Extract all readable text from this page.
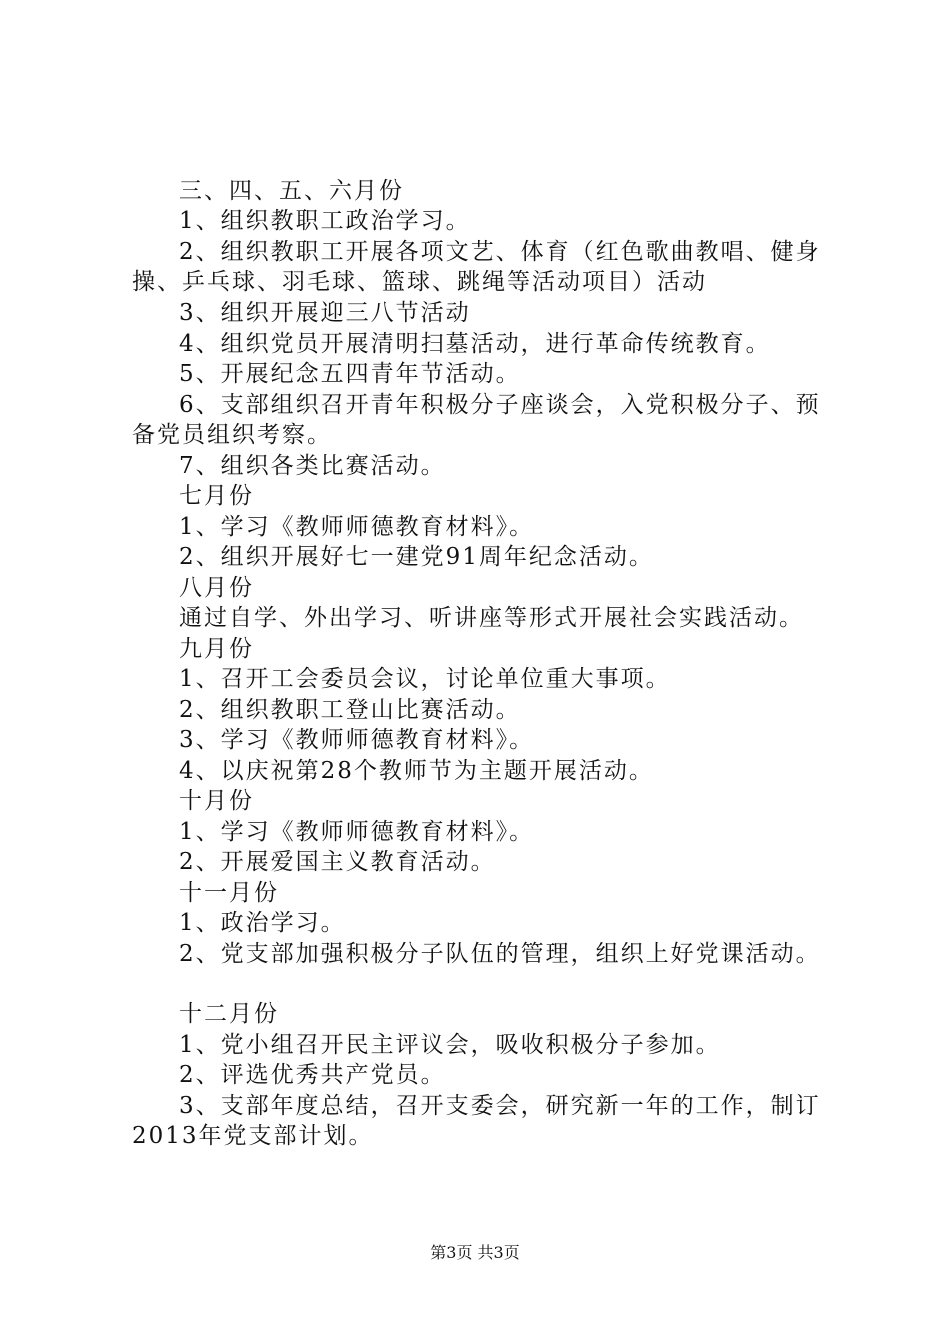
三、四、五、六月份
1、组织教职工政治学习。
2、组织教职工开展各项文艺、体育（红色歌曲教唱、健身
操、乒乓球、羽毛球、篮球、跳绳等活动项目）活动
3、组织开展迎三八节活动
4、组织党员开展清明扫墓活动，进行革命传统教育。
5、开展纪念五四青年节活动。
6、支部组织召开青年积极分子座谈会，入党积极分子、预
备党员组织考察。
7、组织各类比赛活动。
七月份
1、学习《教师师德教育材料》。
2、组织开展好七一建党91周年纪念活动。
八月份
通过自学、外出学习、听讲座等形式开展社会实践活动。
九月份
1、召开工会委员会议，讨论单位重大事项。
2、组织教职工登山比赛活动。
3、学习《教师师德教育材料》。
4、以庆祝第28个教师节为主题开展活动。
十月份
1、学习《教师师德教育材料》。
2、开展爱国主义教育活动。
十一月份
1、政治学习。
2、党支部加强积极分子队伍的管理，组织上好党课活动。
十二月份
1、党小组召开民主评议会，吸收积极分子参加。
2、评选优秀共产党员。
3、支部年度总结，召开支委会，研究新一年的工作，制订
2013年党支部计划。
第3页 共3页
